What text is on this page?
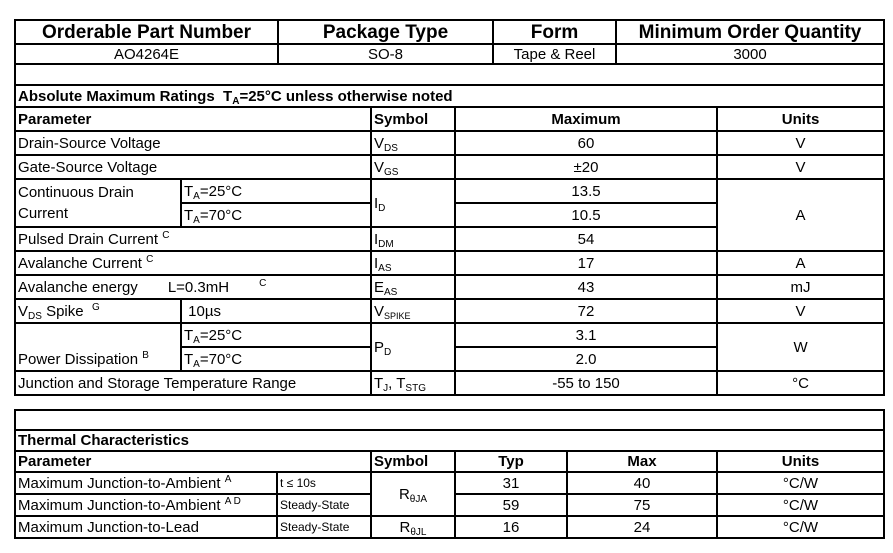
Orderable Part Number	Package Type	Form	Minimum Order Quantity
AO4264E	SO-8	Tape & Reel	3000

Absolute Maximum Ratings $T_A=25^\circ C$ unless otherwise noted				
Parameter		Symbol	Maximum	Units
Drain-Source Voltage		$V_{DS}$	60	V
Gate-Source Voltage		$V_{GS}$	±20	V
Continuous Drain
Current	$T_A=25^\circ C$	$I_D$	13.5	A
	$T_A=70^\circ C$		10.5	
Pulsed Drain Current $^C$		$I_{DM}$	54	
Avalanche Current $^C$		$I_{AS}$	17	A
Avalanche energy L=0.3mH $^C$		$E_{AS}$	43	mJ
$V_{DS}$ Spike $^G$	10µs	$V_{SPIKE}$	72	V
Power Dissipation $^B$	$T_A=25^\circ C$	$P_D$	3.1	W
	$T_A=70^\circ C$		2.0	
Junction and Storage Temperature Range		$T_J$, $T_{STG}$	-55 to 150	°C

Thermal Characteristics					
Parameter		Symbol	Typ	Max	Units
Maximum Junction-to-Ambient $^A$	t ≤ 10s	$R_{\theta JA}$	31	40	°C/W
Maximum Junction-to-Ambient $^{A D}$	Steady-State		59	75	°C/W
Maximum Junction-to-Lead	Steady-State	$R_{\theta JL}$	16	24	°C/W
